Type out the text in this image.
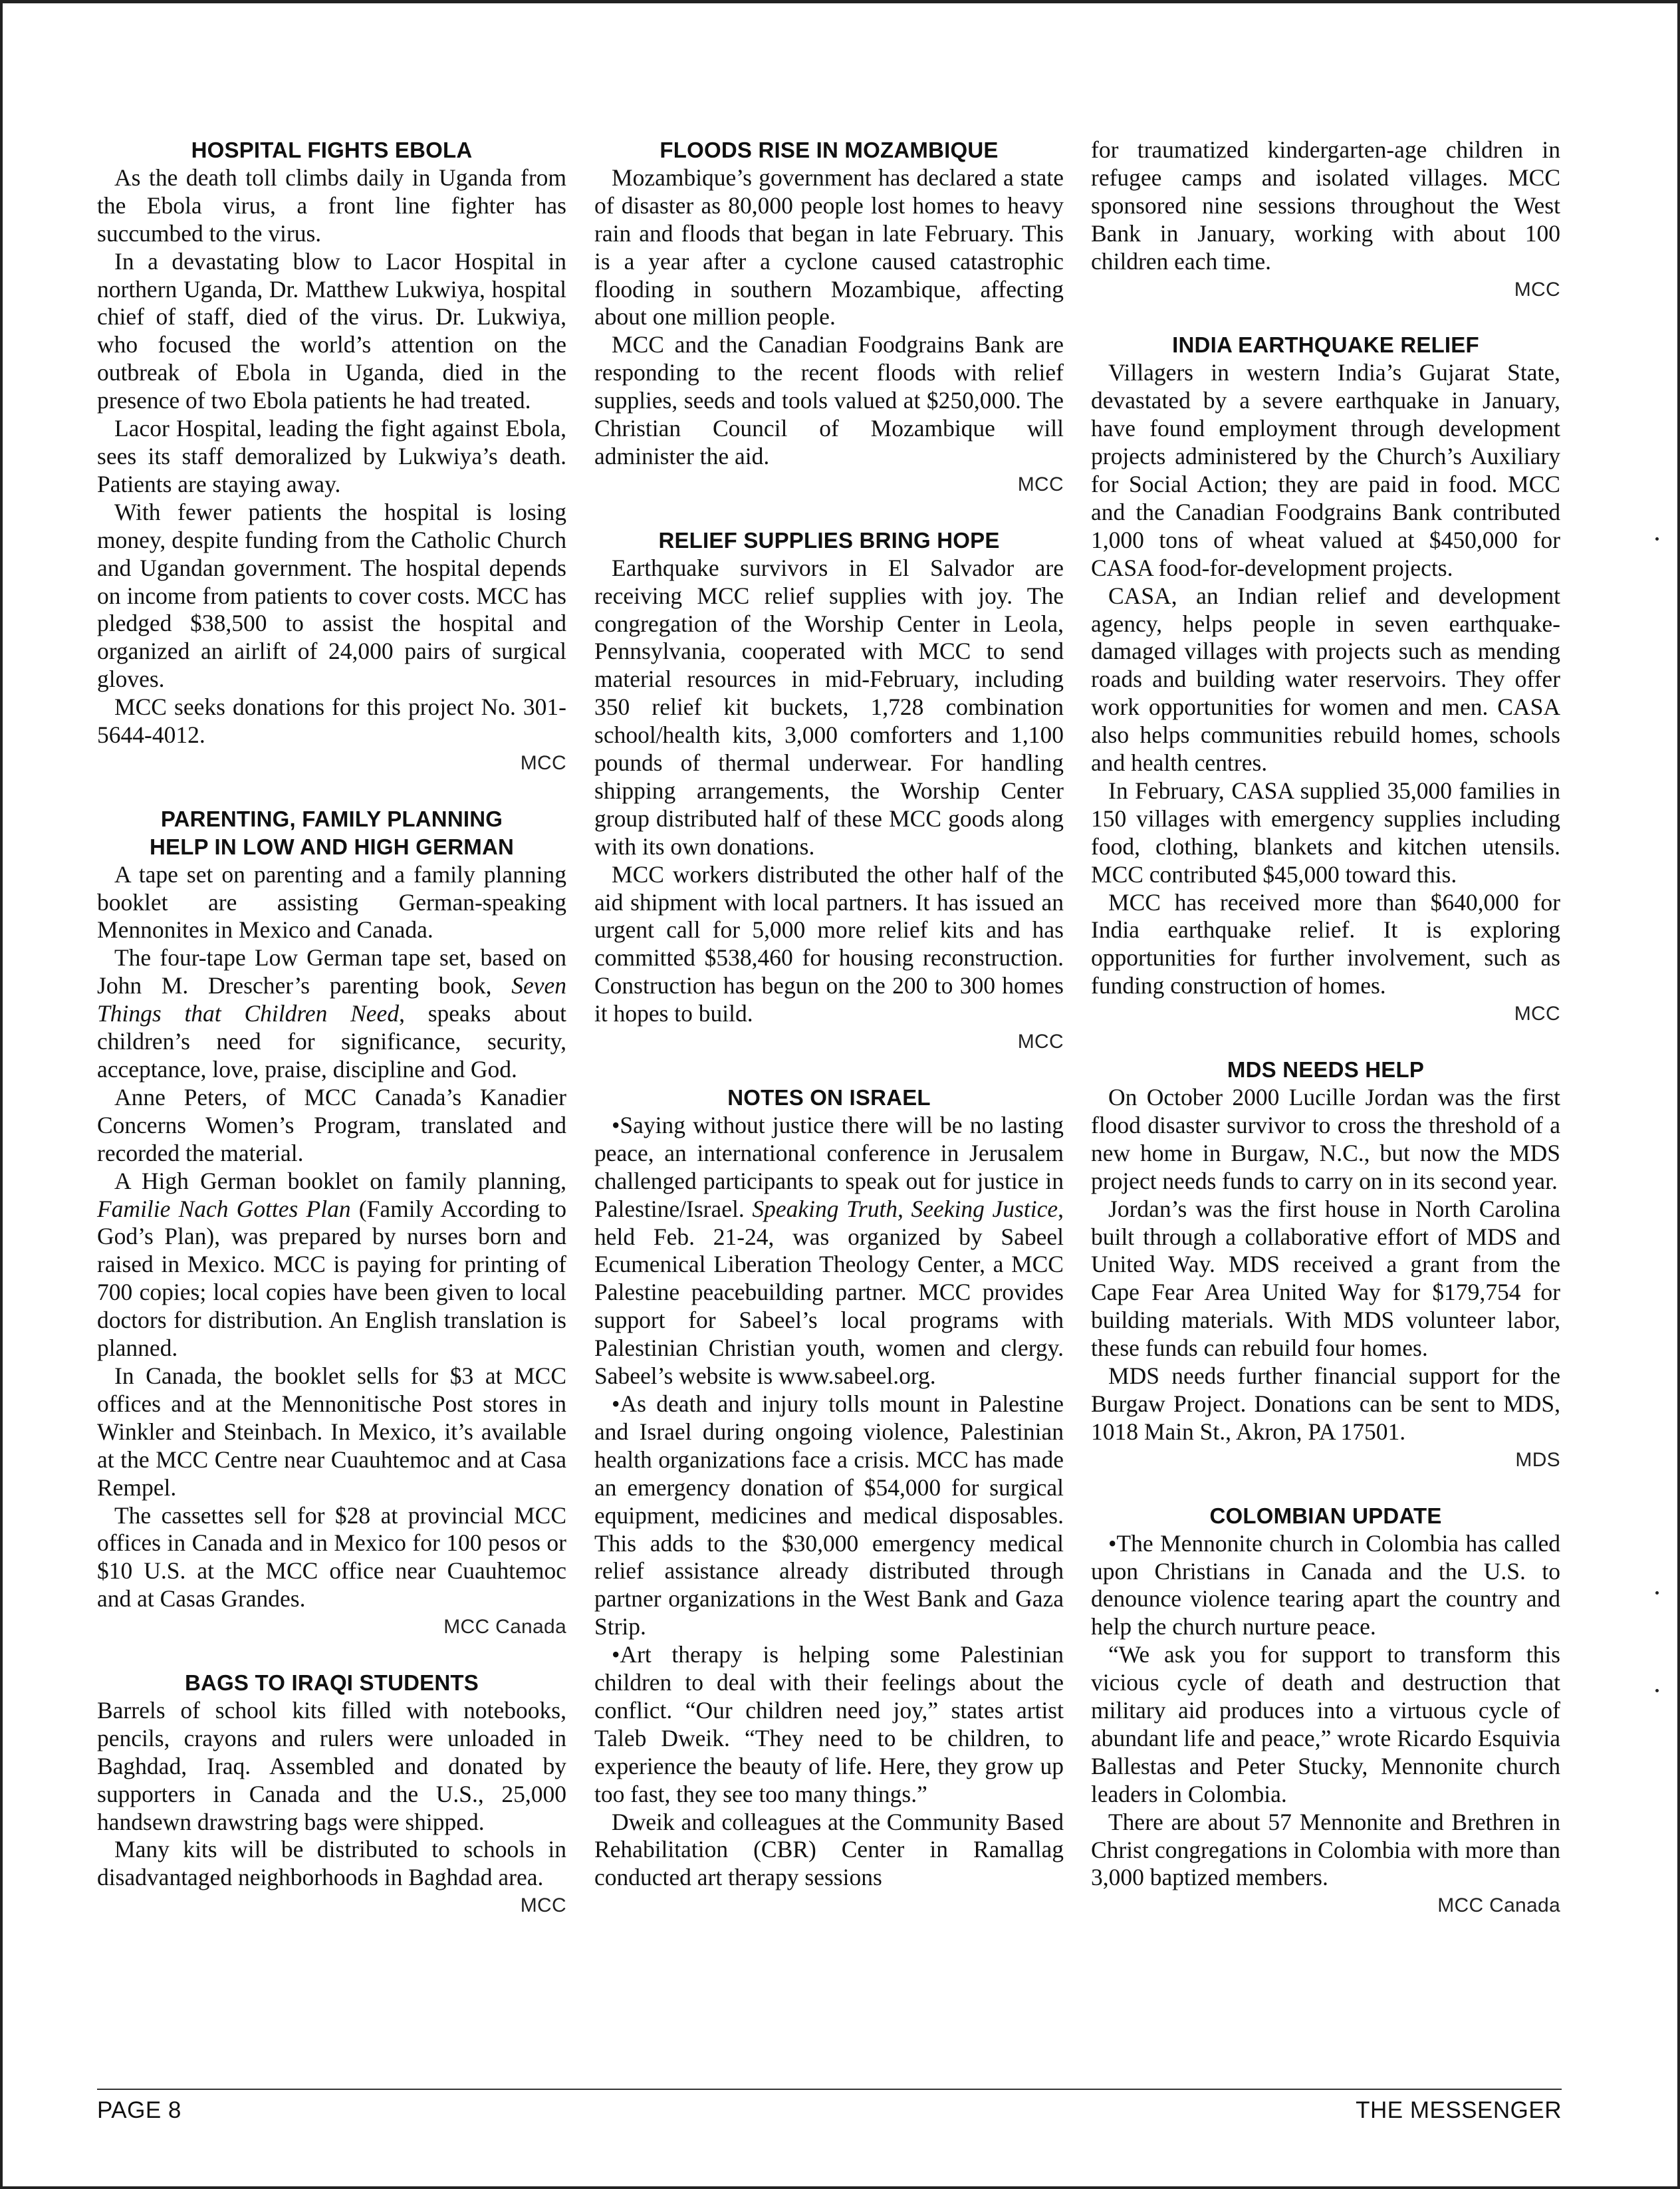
HOSPITAL FIGHTS EBOLA

As the death toll climbs daily in Uganda from the Ebola virus, a front line fighter has succumbed to the virus.

In a devastating blow to Lacor Hospital in northern Uganda, Dr. Matthew Lukwiya, hospital chief of staff, died of the virus. Dr. Lukwiya, who focused the world’s attention on the outbreak of Ebola in Uganda, died in the presence of two Ebola patients he had treated.

Lacor Hospital, leading the fight against Ebola, sees its staff demoralized by Lukwiya’s death. Patients are staying away.

With fewer patients the hospital is losing money, despite funding from the Catholic Church and Ugandan government. The hospital depends on income from patients to cover costs. MCC has pledged $38,500 to assist the hospital and organized an airlift of 24,000 pairs of surgical gloves.

MCC seeks donations for this project No. 301-5644-4012.

MCC

PARENTING, FAMILY PLANNING
HELP IN LOW AND HIGH GERMAN

A tape set on parenting and a family planning booklet are assisting German-speaking Mennonites in Mexico and Canada.

The four-tape Low German tape set, based on John M. Drescher’s parenting book, Seven Things that Children Need, speaks about children’s need for significance, security, acceptance, love, praise, discipline and God.

Anne Peters, of MCC Canada’s Kanadier Concerns Women’s Program, translated and recorded the material.

A High German booklet on family planning, Familie Nach Gottes Plan (Family According to God’s Plan), was prepared by nurses born and raised in Mexico. MCC is paying for printing of 700 copies; local copies have been given to local doctors for distribution. An English translation is planned.

In Canada, the booklet sells for $3 at MCC offices and at the Mennonitische Post stores in Winkler and Steinbach. In Mexico, it’s available at the MCC Centre near Cuauhtemoc and at Casa Rempel.

The cassettes sell for $28 at provincial MCC offices in Canada and in Mexico for 100 pesos or $10 U.S. at the MCC office near Cuauhtemoc and at Casas Grandes.

MCC Canada

BAGS TO IRAQI STUDENTS

Barrels of school kits filled with notebooks, pencils, crayons and rulers were unloaded in Baghdad, Iraq. Assembled and donated by supporters in Canada and the U.S., 25,000 handsewn drawstring bags were shipped.

Many kits will be distributed to schools in disadvantaged neighborhoods in Baghdad area.

MCC

FLOODS RISE IN MOZAMBIQUE

Mozambique’s government has declared a state of disaster as 80,000 people lost homes to heavy rain and floods that began in late February. This is a year after a cyclone caused catastrophic flooding in southern Mozambique, affecting about one million people.

MCC and the Canadian Foodgrains Bank are responding to the recent floods with relief supplies, seeds and tools valued at $250,000. The Christian Council of Mozambique will administer the aid.

MCC

RELIEF SUPPLIES BRING HOPE

Earthquake survivors in El Salvador are receiving MCC relief supplies with joy. The congregation of the Worship Center in Leola, Pennsylvania, cooperated with MCC to send material resources in mid-February, including 350 relief kit buckets, 1,728 combination school/health kits, 3,000 comforters and 1,100 pounds of thermal underwear. For handling shipping arrangements, the Worship Center group distributed half of these MCC goods along with its own donations.

MCC workers distributed the other half of the aid shipment with local partners. It has issued an urgent call for 5,000 more relief kits and has committed $538,460 for housing reconstruction. Construction has begun on the 200 to 300 homes it hopes to build.

MCC

NOTES ON ISRAEL

•Saying without justice there will be no lasting peace, an international conference in Jerusalem challenged participants to speak out for justice in Palestine/Israel. Speaking Truth, Seeking Justice, held Feb. 21-24, was organized by Sabeel Ecumenical Liberation Theology Center, a MCC Palestine peacebuilding partner. MCC provides support for Sabeel’s local programs with Palestinian Christian youth, women and clergy. Sabeel’s website is www.sabeel.org.

•As death and injury tolls mount in Palestine and Israel during ongoing violence, Palestinian health organizations face a crisis. MCC has made an emergency donation of $54,000 for surgical equipment, medicines and medical disposables. This adds to the $30,000 emergency medical relief assistance already distributed through partner organizations in the West Bank and Gaza Strip.

•Art therapy is helping some Palestinian children to deal with their feelings about the conflict. “Our children need joy,” states artist Taleb Dweik. “They need to be children, to experience the beauty of life. Here, they grow up too fast, they see too many things.”

Dweik and colleagues at the Community Based Rehabilitation (CBR) Center in Ramallag conducted art therapy sessions

for traumatized kindergarten-age children in refugee camps and isolated villages. MCC sponsored nine sessions throughout the West Bank in January, working with about 100 children each time.

MCC

INDIA EARTHQUAKE RELIEF

Villagers in western India’s Gujarat State, devastated by a severe earthquake in January, have found employment through development projects administered by the Church’s Auxiliary for Social Action; they are paid in food. MCC and the Canadian Foodgrains Bank contributed 1,000 tons of wheat valued at $450,000 for CASA food-for-development projects.

CASA, an Indian relief and development agency, helps people in seven earthquake-damaged villages with projects such as mending roads and building water reservoirs. They offer work opportunities for women and men. CASA also helps communities rebuild homes, schools and health centres.

In February, CASA supplied 35,000 families in 150 villages with emergency supplies including food, clothing, blankets and kitchen utensils. MCC contributed $45,000 toward this.

MCC has received more than $640,000 for India earthquake relief. It is exploring opportunities for further involvement, such as funding construction of homes.

MCC

MDS NEEDS HELP

On October 2000 Lucille Jordan was the first flood disaster survivor to cross the threshold of a new home in Burgaw, N.C., but now the MDS project needs funds to carry on in its second year.

Jordan’s was the first house in North Carolina built through a collaborative effort of MDS and United Way. MDS received a grant from the Cape Fear Area United Way for $179,754 for building materials. With MDS volunteer labor, these funds can rebuild four homes.

MDS needs further financial support for the Burgaw Project. Donations can be sent to MDS, 1018 Main St., Akron, PA 17501.

MDS

COLOMBIAN UPDATE

•The Mennonite church in Colombia has called upon Christians in Canada and the U.S. to denounce violence tearing apart the country and help the church nurture peace.

“We ask you for support to transform this vicious cycle of death and destruction that military aid produces into a virtuous cycle of abundant life and peace,” wrote Ricardo Esquivia Ballestas and Peter Stucky, Mennonite church leaders in Colombia.

There are about 57 Mennonite and Brethren in Christ congregations in Colombia with more than 3,000 baptized members.

MCC Canada

PAGE 8	THE MESSENGER
